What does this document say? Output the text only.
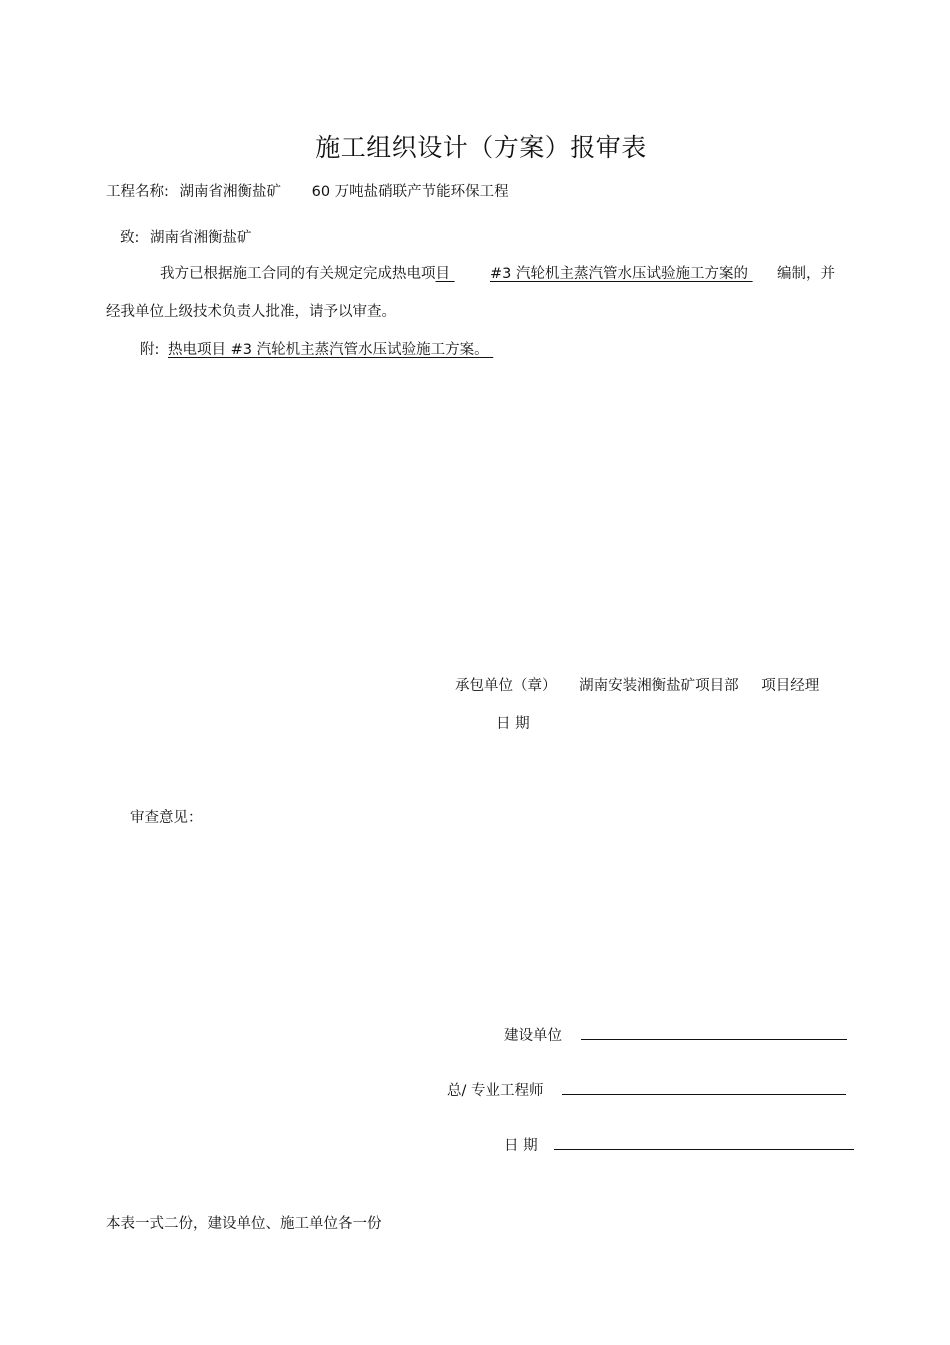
施工组织设计（方案）报审表
工程名称: 湖南省湘衡盐矿 60 万吨盐硝联产节能环保工程
致: 湖南省湘衡盐矿
我方已根据施工合同的有关规定完成热电项目	#3 汽轮机主蒸汽管水压试验施工方案的 编制，并
经我单位上级技术负责人批准，请予以审查。
附: 热电项目 #3 汽轮机主蒸汽管水压试验施工方案。
承包单位（章） 湖南安装湘衡盐矿项目部 项目经理
日 期
审查意见：
建设单位
总/ 专业工程师
日 期
本表一式二份，建设单位、施工单位各一份
